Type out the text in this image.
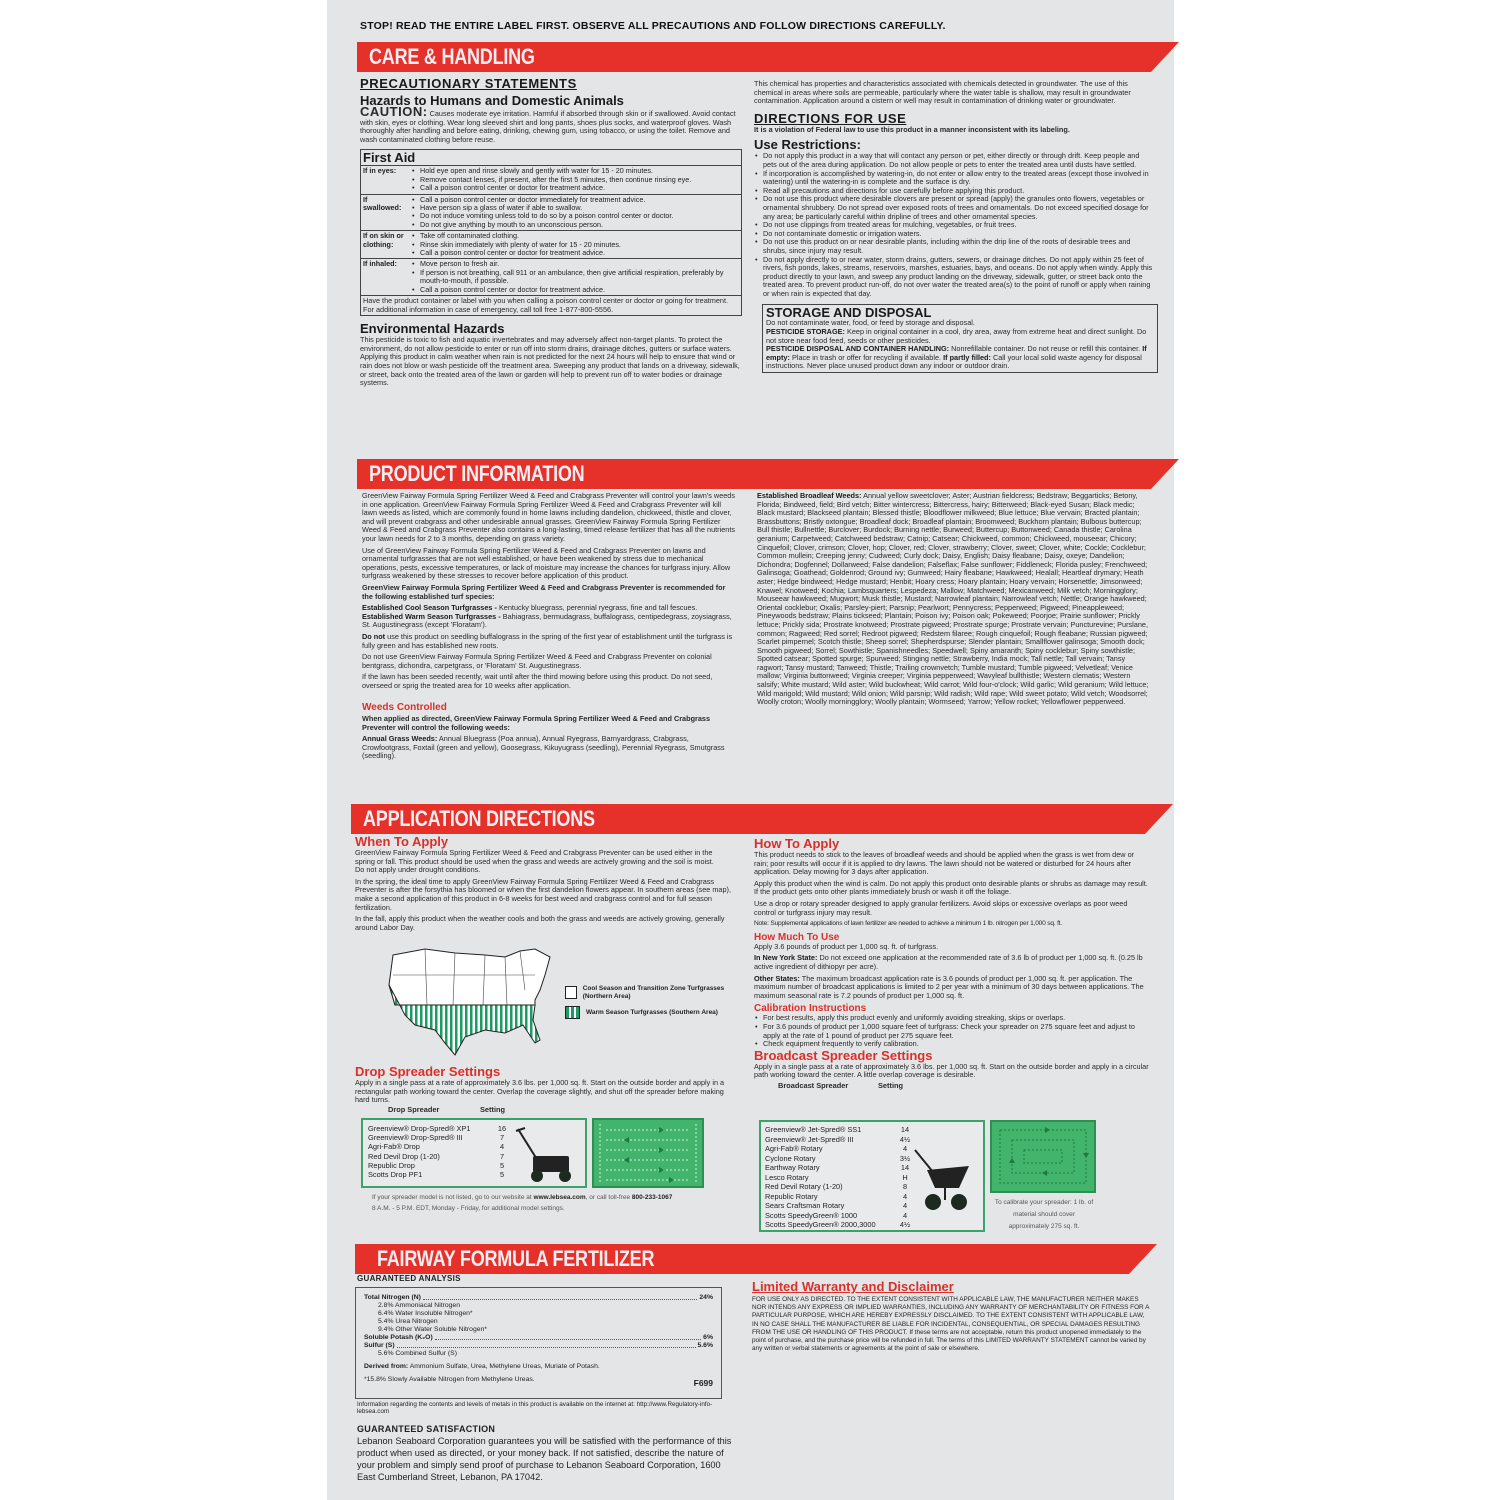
STOP! READ THE ENTIRE LABEL FIRST. OBSERVE ALL PRECAUTIONS AND FOLLOW DIRECTIONS CAREFULLY.
CARE & HANDLING
PRECAUTIONARY STATEMENTS
Hazards to Humans and Domestic Animals
CAUTION: Causes moderate eye irritation. Harmful if absorbed through skin or if swallowed. Avoid contact with skin, eyes or clothing. Wear long sleeved shirt and long pants, shoes plus socks, and waterproof gloves. Wash thoroughly after handling and before eating, drinking, chewing gum, using tobacco, or using the toilet. Remove and wash contaminated clothing before reuse.
First Aid
If in eyes:	
•Hold eye open and rinse slowly and gently with water for 15 - 20 minutes.
• Remove contact lenses, if present, after the first 5 minutes, then continue rinsing eye.
• Call a poison control center or doctor for treatment advice.

If swallowed:	
• Call a poison control center or doctor immediately for treatment advice.
• Have person sip a glass of water if able to swallow.
• Do not induce vomiting unless told to do so by a poison control center or doctor.
• Do not give anything by mouth to an unconscious person.

If on skin or clothing:	
• Take off contaminated clothing.
• Rinse skin immediately with plenty of water for 15 - 20 minutes.
• Call a poison control center or doctor for treatment advice.

If inhaled:	
•Move person to fresh air.
• If person is not breathing, call 911 or an ambulance, then give artificial respiration, preferably by mouth-to-mouth, if possible.
• Call a poison control center or doctor for treatment advice.
Have the product container or label with you when calling a poison control center or doctor or going for treatment. For additional information in case of emergency, call toll free 1-877-800-5556.
Environmental Hazards
This pesticide is toxic to fish and aquatic invertebrates and may adversely affect non-target plants. To protect the environment, do not allow pesticide to enter or run off into storm drains, drainage ditches, gutters or surface waters. Applying this product in calm weather when rain is not predicted for the next 24 hours will help to ensure that wind or rain does not blow or wash pesticide off the treatment area. Sweeping any product that lands on a driveway, sidewalk, or street, back onto the treated area of the lawn or garden will help to prevent run off to water bodies or drainage systems.
This chemical has properties and characteristics associated with chemicals detected in groundwater. The use of this chemical in areas where soils are permeable, particularly where the water table is shallow, may result in groundwater contamination. Application around a cistern or well may result in contamination of drinking water or groundwater.
DIRECTIONS FOR USE
It is a violation of Federal law to use this product in a manner inconsistent with its labeling.
Use Restrictions:
• Do not apply this product in a way that will contact any person or pet, either directly or through drift. Keep people and pets out of the area during application. Do not allow people or pets to enter the treated area until dusts have settled.
• If incorporation is accomplished by watering-in, do not enter or allow entry to the treated areas (except those involved in watering) until the watering-in is complete and the surface is dry.
• Read all precautions and directions for use carefully before applying this product.
• Do not use this product where desirable clovers are present or spread (apply) the granules onto flowers, vegetables or ornamental shrubbery. Do not spread over exposed roots of trees and ornamentals. Do not exceed specified dosage for any area; be particularly careful within dripline of trees and other ornamental species.
• Do not use clippings from treated areas for mulching, vegetables, or fruit trees.
• Do not contaminate domestic or irrigation waters.
• Do not use this product on or near desirable plants, including within the drip line of the roots of desirable trees and shrubs, since injury may result.
• Do not apply directly to or near water, storm drains, gutters, sewers, or drainage ditches. Do not apply within 25 feet of rivers, fish ponds, lakes, streams, reservoirs, marshes, estuaries, bays, and oceans. Do not apply when windy. Apply this product directly to your lawn, and sweep any product landing on the driveway, sidewalk, gutter, or street back onto the treated area. To prevent product run-off, do not over water the treated area(s) to the point of runoff or apply when raining or when rain is expected that day.
STORAGE AND DISPOSAL
Do not contaminate water, food, or feed by storage and disposal.
PESTICIDE STORAGE: Keep in original container in a cool, dry area, away from extreme heat and direct sunlight. Do not store near food feed, seeds or other pesticides.
PESTICIDE DISPOSAL AND CONTAINER HANDLING: Nonrefillable container. Do not reuse or refill this container. If empty: Place in trash or offer for recycling if available. If partly filled: Call your local solid waste agency for disposal instructions. Never place unused product down any indoor or outdoor drain.
PRODUCT INFORMATION

GreenView Fairway Formula Spring Fertilizer Weed & Feed and Crabgrass Preventer will control your lawn's weeds in one application. GreenView Fairway Formula Spring Fertilizer Weed & Feed and Crabgrass Preventer will kill lawn weeds as listed, which are commonly found in home lawns including dandelion, chickweed, thistle and clover, and will prevent crabgrass and other undesirable annual grasses. GreenView Fairway Formula Spring Fertilizer Weed & Feed and Crabgrass Preventer also contains a long-lasting, timed release fertilizer that has all the nutrients your lawn needs for 2 to 3 months, depending on grass variety.

Use of GreenView Fairway Formula Spring Fertilizer Weed & Feed and Crabgrass Preventer on lawns and ornamental turfgrasses that are not well established, or have been weakened by stress due to mechanical operations, pests, excessive temperatures, or lack of moisture may increase the chances for turfgrass injury. Allow turfgrass weakened by these stresses to recover before application of this product.

GreenView Fairway Formula Spring Fertilizer Weed & Feed and Crabgrass Preventer is recommended for the following established turf species:

Established Cool Season Turfgrasses - Kentucky bluegrass, perennial ryegrass, fine and tall fescues.

Established Warm Season Turfgrasses - Bahiagrass, bermudagrass, buffalograss, centipedegrass, zoysiagrass, St. Augustinegrass (except 'Floratam').

Do not use this product on seedling buffalograss in the spring of the first year of establishment until the turfgrass is fully green and has established new roots.

Do not use GreenView Fairway Formula Spring Fertilizer Weed & Feed and Crabgrass Preventer on colonial bentgrass, dichondra, carpetgrass, or 'Floratam' St. Augustinegrass.

If the lawn has been seeded recently, wait until after the third mowing before using this product. Do not seed, overseed or sprig the treated area for 10 weeks after application.

Weeds Controlled

When applied as directed, GreenView Fairway Formula Spring Fertilizer Weed & Feed and Crabgrass Preventer will control the following weeds:

Annual Grass Weeds: Annual Bluegrass (Poa annua), Annual Ryegrass, Barnyardgrass, Crabgrass, Crowfootgrass, Foxtail (green and yellow), Goosegrass, Kikuyugrass (seedling), Perennial Ryegrass, Smutgrass (seedling).

Established Broadleaf Weeds: Annual yellow sweetclover; Aster; Austrian fieldcress; Bedstraw; Beggarticks; Betony, Florida; Bindweed, field; Bird vetch; Bitter wintercress; Bittercress, hairy; Bitterweed; Black-eyed Susan; Black medic; Black mustard; Blackseed plantain; Blessed thistle; Bloodflower milkweed; Blue lettuce; Blue vervain; Bracted plantain; Brassbuttons; Bristly oxtongue; Broadleaf dock; Broadleaf plantain; Broomweed; Buckhorn plantain; Bulbous buttercup; Bull thistle; Bullnettle; Burclover; Burdock; Burning nettle; Burweed; Buttercup; Buttonweed; Canada thistle; Carolina geranium; Carpetweed; Catchweed bedstraw; Catnip; Catsear; Chickweed, common; Chickweed, mouseear; Chicory; Cinquefoil; Clover, crimson; Clover, hop; Clover, red; Clover, strawberry; Clover, sweet; Clover, white; Cockle; Cocklebur; Common mullein; Creeping jenny; Cudweed; Curly dock; Daisy, English; Daisy fleabane; Daisy, oxeye; Dandelion; Dichondra; Dogfennel; Dollarweed; False dandelion; Falseflax; False sunflower; Fiddleneck; Florida pusley; Frenchweed; Galinsoga; Goathead; Goldenrod; Ground ivy; Gumweed; Hairy fleabane; Hawkweed; Healall; Heartleaf drymary; Heath aster; Hedge bindweed; Hedge mustard; Henbit; Hoary cress; Hoary plantain; Hoary vervain; Horsenettle; Jimsonweed; Knawel; Knotweed; Kochia; Lambsquarters; Lespedeza; Mallow; Matchweed; Mexicanweed; Milk vetch; Morningglory; Mouseear hawkweed; Mugwort; Musk thistle; Mustard; Narrowleaf plantain; Narrowleaf vetch; Nettle; Orange hawkweed; Oriental cocklebur; Oxalis; Parsley-piert; Parsnip; Pearlwort; Pennycress; Pepperweed; Pigweed; Pineappleweed; Pineywoods bedstraw; Plains tickseed; Plantain; Poison ivy; Poison oak; Pokeweed; Poorjoe; Prairie sunflower; Prickly lettuce; Prickly sida; Prostrate knotweed; Prostrate pigweed; Prostrate spurge; Prostrate vervain; Puncturevine; Purslane, common; Ragweed; Red sorrel; Redroot pigweed; Redstem filaree; Rough cinquefoil; Rough fleabane; Russian pigweed; Scarlet pimpernel; Scotch thistle; Sheep sorrel; Shepherdspurse; Slender plantain; Smallflower galinsoga; Smooth dock; Smooth pigweed; Sorrel; Sowthistle; Spanishneedles; Speedwell; Spiny amaranth; Spiny cocklebur; Spiny sowthistle; Spotted catsear; Spotted spurge; Spurweed; Stinging nettle; Strawberry, India mock; Tall nettle; Tall vervain; Tansy ragwort; Tansy mustard; Tanweed; Thistle; Trailing crownvetch; Tumble mustard; Tumble pigweed; Velvetleaf; Venice mallow; Virginia buttonweed; Virginia creeper; Virginia pepperweed; Wavyleaf bullthistle; Western clematis; Western salsify; White mustard; Wild aster; Wild buckwheat; Wild carrot; Wild four-o'clock; Wild garlic; Wild geranium; Wild lettuce; Wild marigold; Wild mustard; Wild onion; Wild parsnip; Wild radish; Wild rape; Wild sweet potato; Wild vetch; Woodsorrel; Woolly croton; Woolly morningglory; Woolly plantain; Wormseed; Yarrow; Yellow rocket; Yellowflower pepperweed.
APPLICATION DIRECTIONS
When To Apply
GreenView Fairway Formula Spring Fertilizer Weed & Feed and Crabgrass Preventer can be used either in the spring or fall. This product should be used when the grass and weeds are actively growing and the soil is moist.

Do not apply under drought conditions.

In the spring, the ideal time to apply GreenView Fairway Formula Spring Fertilizer Weed & Feed and Crabgrass Preventer is after the forsythia has bloomed or when the first dandelion flowers appear. In southern areas (see map), make a second application of this product in 6-8 weeks for best weed and crabgrass control and for full season fertilization.

In the fall, apply this product when the weather cools and both the grass and weeds are actively growing, generally around Labor Day.

Cool Season and Transition Zone Turfgrasses (Northern Area)
Warm Season Turfgrasses (Southern Area)
Drop Spreader Settings
Apply in a single pass at a rate of approximately 3.6 lbs. per 1,000 sq. ft. Start on the outside border and apply in a rectangular path working toward the center. Overlap the coverage slightly, and shut off the spreader before making hard turns.
Drop Spreader	Setting
Greenview® Drop-Spred® XP1	16
Greenview® Drop-Spred® III	7
Agri-Fab® Drop	4
Red Devil Drop (1-20)	7
Republic Drop	5
Scotts Drop PF1	5
If your spreader model is not listed, go to our website at www.lebsea.com, or call toll-free 800-233-1067
8 A.M. - 5 P.M. EDT, Monday - Friday, for additional model settings.
How To Apply

This product needs to stick to the leaves of broadleaf weeds and should be applied when the grass is wet from dew or rain; poor results will occur if it is applied to dry lawns. The lawn should not be watered or disturbed for 24 hours after application. Delay mowing for 3 days after application.

Apply this product when the wind is calm. Do not apply this product onto desirable plants or shrubs as damage may result. If the product gets onto other plants immediately brush or wash it off the foliage.

Use a drop or rotary spreader designed to apply granular fertilizers. Avoid skips or excessive overlaps as poor weed control or turfgrass injury may result.

Note: Supplemental applications of lawn fertilizer are needed to achieve a minimum 1 lb. nitrogen per 1,000 sq. ft.

How Much To Use

Apply 3.6 pounds of product per 1,000 sq. ft. of turfgrass.

In New York State: Do not exceed one application at the recommended rate of 3.6 lb of product per 1,000 sq. ft. (0.25 lb active ingredient of dithiopyr per acre).

Other States: The maximum broadcast application rate is 3.6 pounds of product per 1,000 sq. ft. per application. The maximum number of broadcast applications is limited to 2 per year with a minimum of 30 days between applications. The maximum seasonal rate is 7.2 pounds of product per 1,000 sq. ft.

Calibration Instructions
• For best results, apply this product evenly and uniformly avoiding streaking, skips or overlaps.
• For 3.6 pounds of product per 1,000 square feet of turfgrass: Check your spreader on 275 square feet and adjust to apply at the rate of 1 pound of product per 275 square feet.
• Check equipment frequently to verify calibration.
Broadcast Spreader Settings
Apply in a single pass at a rate of approximately 3.6 lbs. per 1,000 sq. ft. Start on the outside border and apply in a circular path working toward the center. A little overlap coverage is desirable.
Broadcast Spreader	Setting
Greenview® Jet-Spred® SS1	14
Greenview® Jet-Spred® III	4½
Agri-Fab® Rotary	4
Cyclone Rotary	3½
Earthway Rotary	14
Lesco Rotary	H
Red Devil Rotary (1-20)	8
Republic Rotary	4
Sears Craftsman Rotary	4
Scotts SpeedyGreen® 1000	4
Scotts SpeedyGreen® 2000,3000	4½
To calibrate your spreader: 1 lb. of material should cover approximately 275 sq. ft.
FAIRWAY FORMULA FERTILIZER
GUARANTEED ANALYSIS
Total Nitrogen (N)	24%
2.8% Ammoniacal Nitrogen
6.4% Water Insoluble Nitrogen*
5.4% Urea Nitrogen
9.4% Other Water Soluble Nitrogen*
Soluble Potash (K₂O)	6%
Sulfur (S)	5.6%
5.6% Combined Sulfur (S)
Derived from: Ammonium Sulfate, Urea, Methylene Ureas, Muriate of Potash.
*15.8% Slowly Available Nitrogen from Methylene Ureas.	F699
Information regarding the contents and levels of metals in this product is available on the internet at: http://www.Regulatory-info-lebsea.com
GUARANTEED SATISFACTION
Lebanon Seaboard Corporation guarantees you will be satisfied with the performance of this product when used as directed, or your money back. If not satisfied, describe the nature of your problem and simply send proof of purchase to Lebanon Seaboard Corporation, 1600 East Cumberland Street, Lebanon, PA 17042.
Limited Warranty and Disclaimer
FOR USE ONLY AS DIRECTED. TO THE EXTENT CONSISTENT WITH APPLICABLE LAW, THE MANUFACTURER NEITHER MAKES NOR INTENDS ANY EXPRESS OR IMPLIED WARRANTIES, INCLUDING ANY WARRANTY OF MERCHANTABILITY OR FITNESS FOR A PARTICULAR PURPOSE, WHICH ARE HEREBY EXPRESSLY DISCLAIMED. TO THE EXTENT CONSISTENT WITH APPLICABLE LAW, IN NO CASE SHALL THE MANUFACTURER BE LIABLE FOR INCIDENTAL, CONSEQUENTIAL, OR SPECIAL DAMAGES RESULTING FROM THE USE OR HANDLING OF THIS PRODUCT. If these terms are not acceptable, return this product unopened immediately to the point of purchase, and the purchase price will be refunded in full. The terms of this LIMITED WARRANTY STATEMENT cannot be varied by any written or verbal statements or agreements at the point of sale or elsewhere.
